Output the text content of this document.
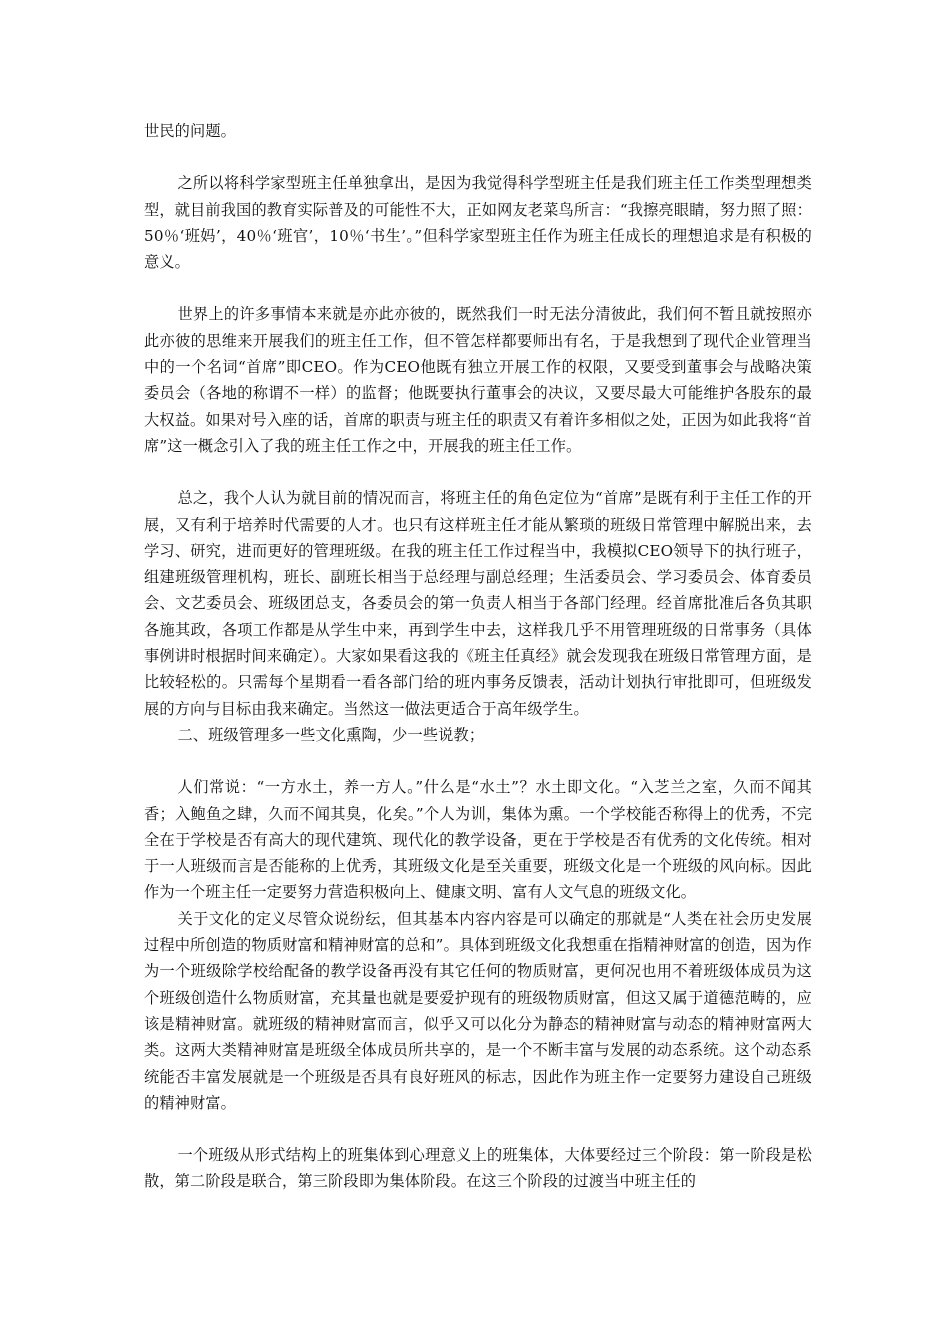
世民的问题。

之所以将科学家型班主任单独拿出，是因为我觉得科学型班主任是我们班主任工作类型理想类型，就目前我国的教育实际普及的可能性不大，正如网友老菜鸟所言：“我擦亮眼睛，努力照了照：50％‘班妈’，40％‘班官’，10％‘书生’。”但科学家型班主任作为班主任成长的理想追求是有积极的意义。

世界上的许多事情本来就是亦此亦彼的，既然我们一时无法分清彼此，我们何不暂且就按照亦此亦彼的思维来开展我们的班主任工作，但不管怎样都要师出有名，于是我想到了现代企业管理当中的一个名词“首席”即CEO。作为CEO他既有独立开展工作的权限，又要受到董事会与战略决策委员会（各地的称谓不一样）的监督；他既要执行董事会的决议，又要尽最大可能维护各股东的最大权益。如果对号入座的话，首席的职责与班主任的职责又有着许多相似之处，正因为如此我将“首席”这一概念引入了我的班主任工作之中，开展我的班主任工作。

总之，我个人认为就目前的情况而言，将班主任的角色定位为“首席”是既有利于主任工作的开展，又有利于培养时代需要的人才。也只有这样班主任才能从繁琐的班级日常管理中解脱出来，去学习、研究，进而更好的管理班级。在我的班主任工作过程当中，我模拟CEO领导下的执行班子，组建班级管理机构，班长、副班长相当于总经理与副总经理；生活委员会、学习委员会、体育委员会、文艺委员会、班级团总支，各委员会的第一负责人相当于各部门经理。经首席批准后各负其职各施其政，各项工作都是从学生中来，再到学生中去，这样我几乎不用管理班级的日常事务（具体事例讲时根据时间来确定）。大家如果看这我的《班主任真经》就会发现我在班级日常管理方面，是比较轻松的。只需每个星期看一看各部门给的班内事务反馈表，活动计划执行审批即可，但班级发展的方向与目标由我来确定。当然这一做法更适合于高年级学生。

二、班级管理多一些文化熏陶，少一些说教；

人们常说：“一方水土，养一方人。”什么是“水土”？水土即文化。“入芝兰之室，久而不闻其香；入鲍鱼之肆，久而不闻其臭，化矣。”个人为训，集体为熏。一个学校能否称得上的优秀，不完全在于学校是否有高大的现代建筑、现代化的教学设备，更在于学校是否有优秀的文化传统。相对于一人班级而言是否能称的上优秀，其班级文化是至关重要，班级文化是一个班级的风向标。因此作为一个班主任一定要努力营造积极向上、健康文明、富有人文气息的班级文化。

关于文化的定义尽管众说纷纭，但其基本内容内容是可以确定的那就是“人类在社会历史发展过程中所创造的物质财富和精神财富的总和”。具体到班级文化我想重在指精神财富的创造，因为作为一个班级除学校给配备的教学设备再没有其它任何的物质财富，更何况也用不着班级体成员为这个班级创造什么物质财富，充其量也就是要爱护现有的班级物质财富，但这又属于道德范畴的，应该是精神财富。就班级的精神财富而言，似乎又可以化分为静态的精神财富与动态的精神财富两大类。这两大类精神财富是班级全体成员所共享的，是一个不断丰富与发展的动态系统。这个动态系统能否丰富发展就是一个班级是否具有良好班风的标志，因此作为班主作一定要努力建设自己班级的精神财富。

一个班级从形式结构上的班集体到心理意义上的班集体，大体要经过三个阶段：第一阶段是松散，第二阶段是联合，第三阶段即为集体阶段。在这三个阶段的过渡当中班主任的
